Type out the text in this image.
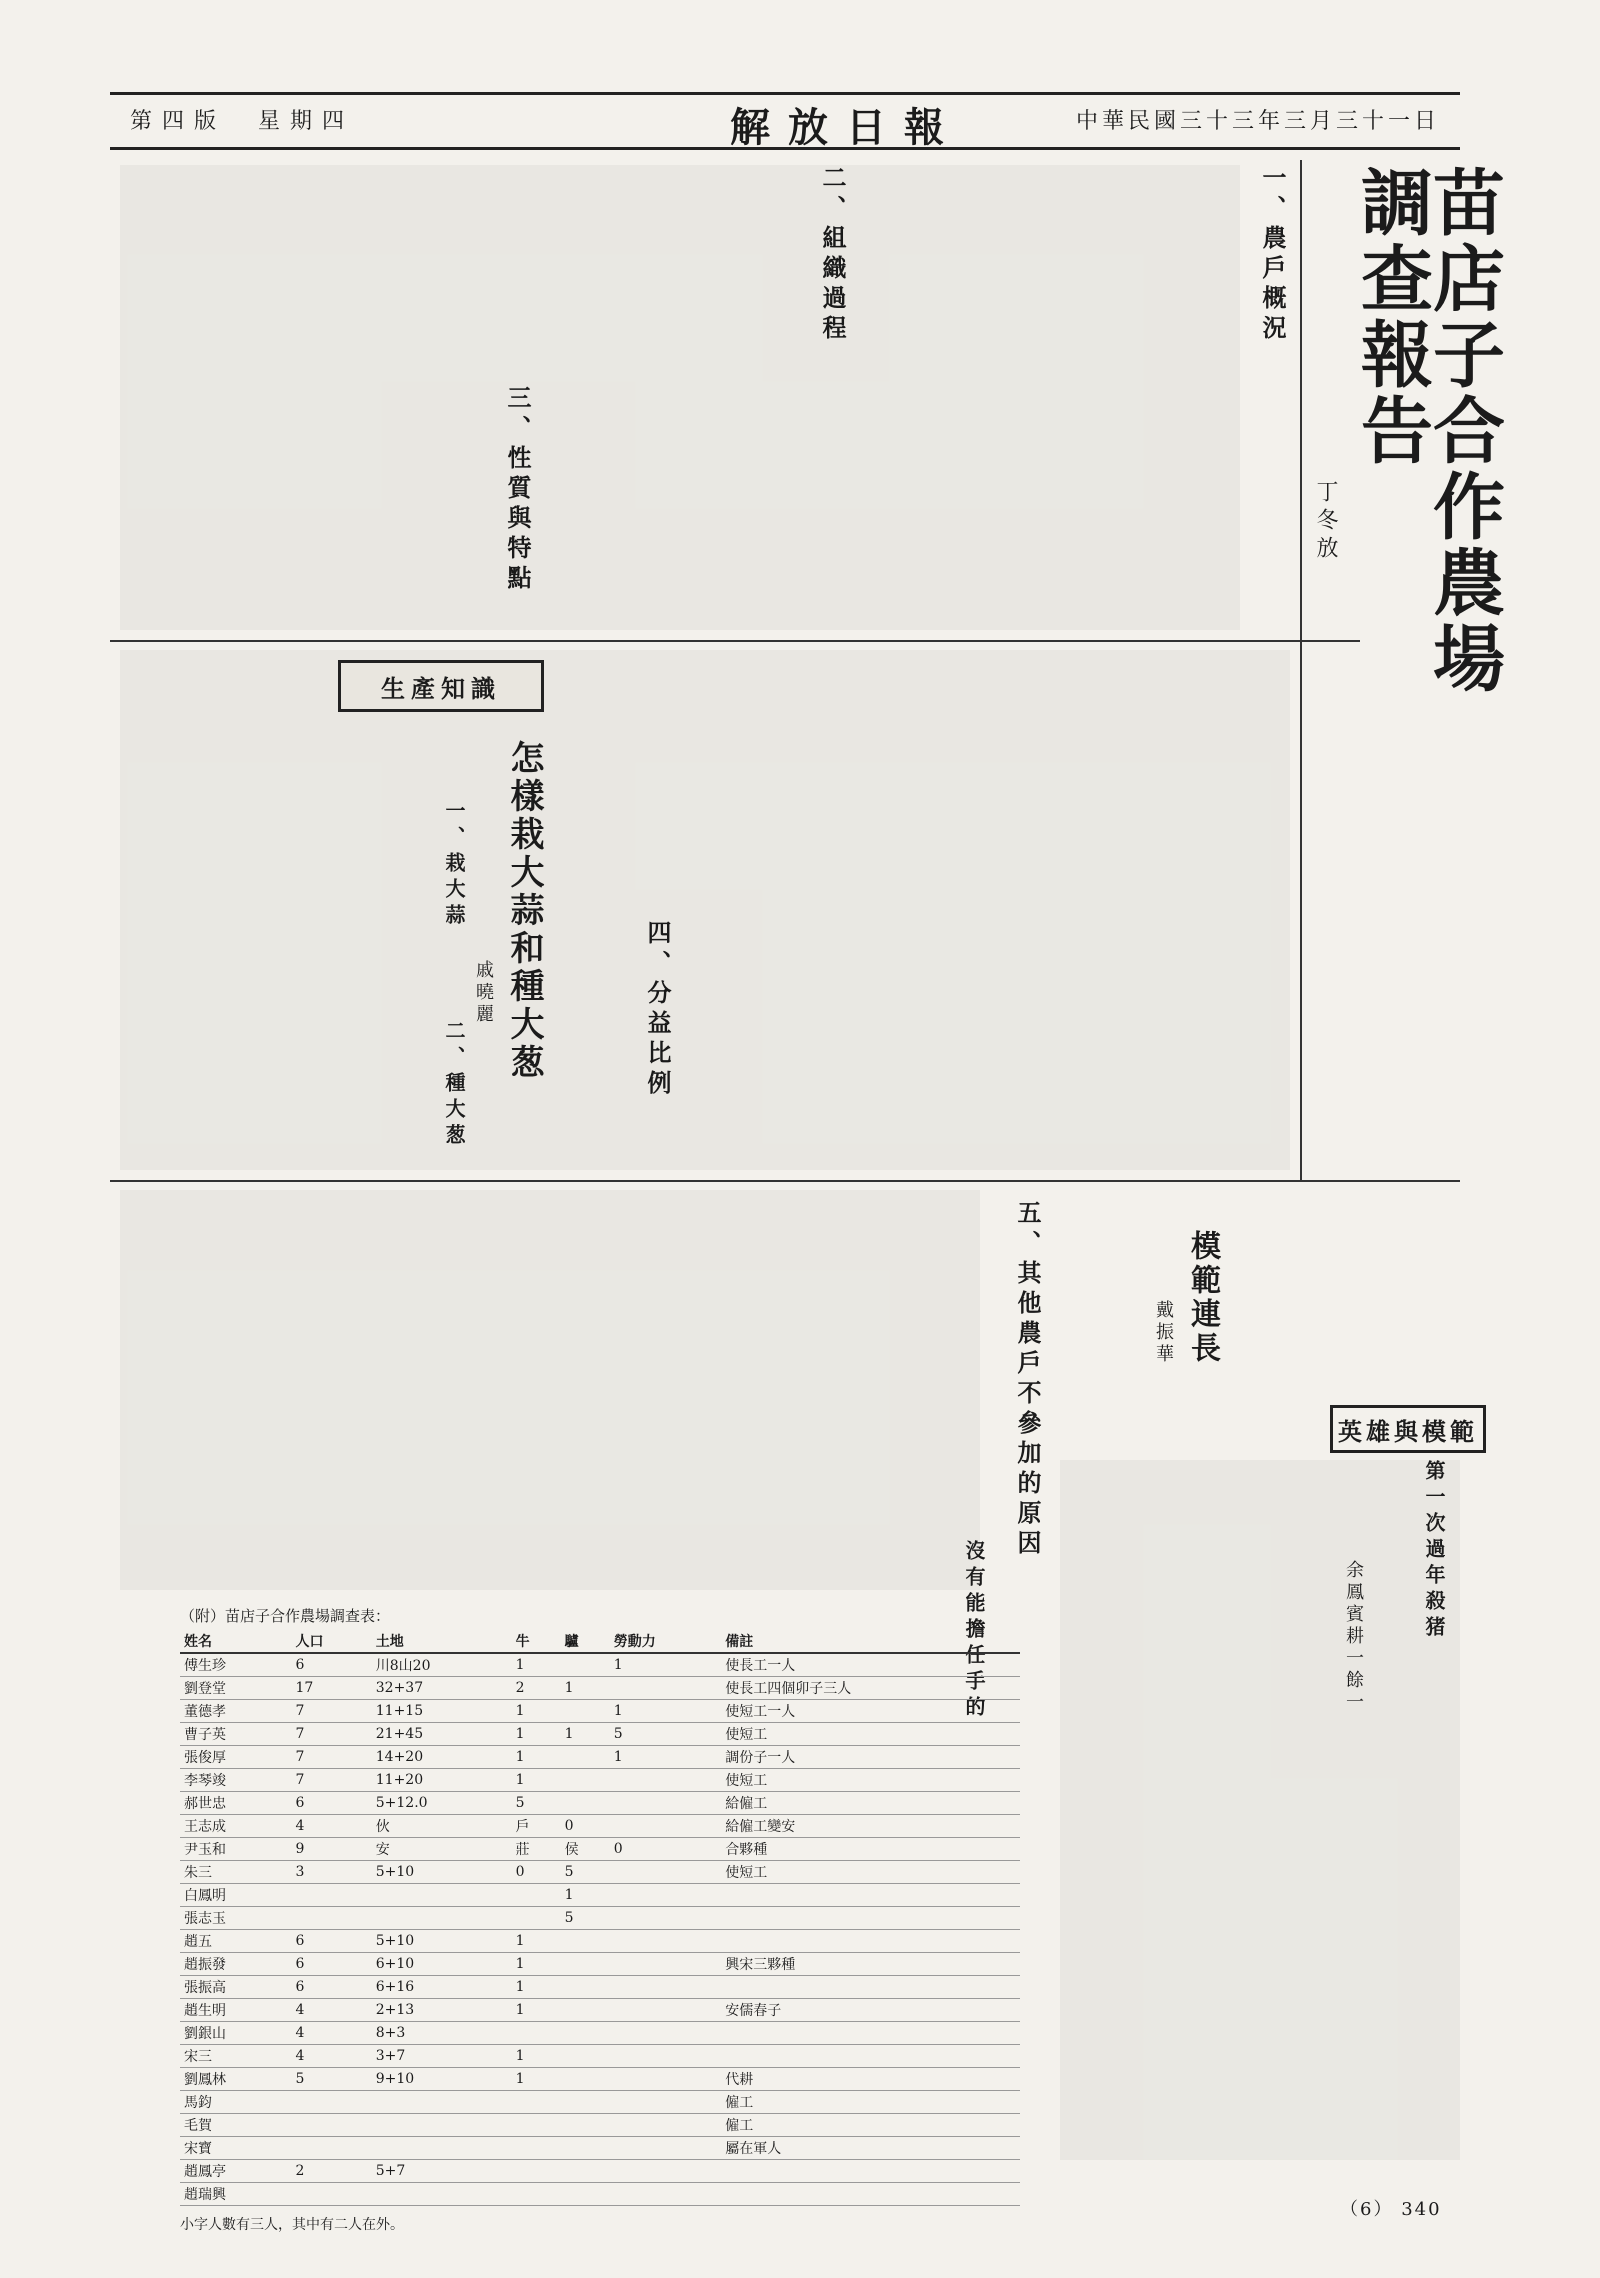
第四版　 星期四	解放日報	中華民國三十三年三月三十一日
苗店子合作農場調查報告
丁冬放
一、農戶概況
二、組織過程
三、性質與特點
四、分益比例
五、其他農戶不參加的原因
生產知識
怎樣栽大蒜和種大葱
戚曉麗
一、栽大蒜
二、種大葱
模範連長
戴振華
英雄與模範
第一次過年殺猪
沒有能擔任手的	余鳳賓耕一餘一
（附）苗店子合作農場調查表：
姓名	人口	土地	牛	驢	勞動力	備註
傅生珍	6	川8山20	1		1	使長工一人
劉登堂	17	32+37	2	1		使長工四個卯子三人
董德孝	7	11+15	1		1	使短工一人
曹子英	7	21+45	1	1	5	使短工
張俊厚	7	14+20	1		1	調份子一人
李琴竣	7	11+20	1			使短工
郝世忠	6	5+12.0	5			給僱工
王志成	4	伙	戶	0		給僱工變安
尹玉和	9	安	莊	侯	0	合夥種
朱三	3	5+10	0	5		使短工
白鳳明				1		
張志玉				5		
趙五	6	5+10	1			
趙振發	6	6+10	1			興宋三夥種
張振高	6	6+16	1			
趙生明	4	2+13	1			安儒春子
劉銀山	4	8+3				
宋三	4	3+7	1			
劉鳳林	5	9+10	1			代耕
馬鈞						僱工
毛賀						僱工
宋寶						屬在軍人
趙鳳亭	2	5+7				
趙瑞興						
小字人數有三人，其中有二人在外。
（6） 340
